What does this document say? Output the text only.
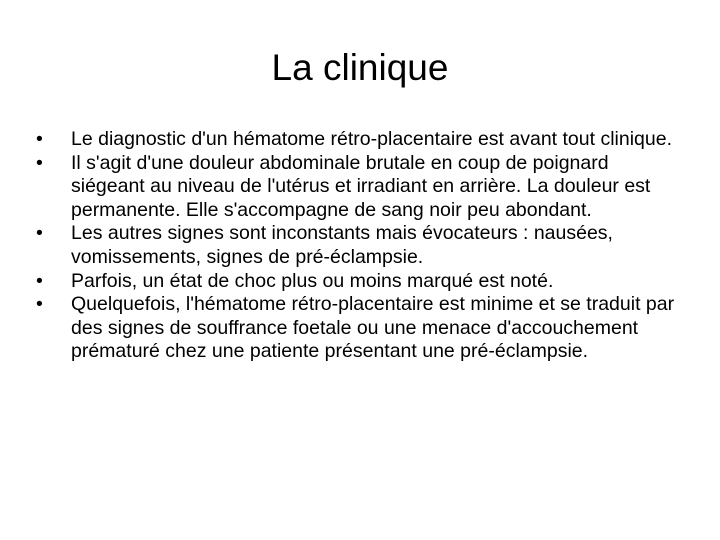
La clinique
•	Le diagnostic d'un hématome rétro-placentaire est avant tout clinique.
•	Il s'agit d'une douleur abdominale brutale en coup de poignard siégeant au niveau de l'utérus et irradiant en arrière. La douleur est permanente. Elle s'accompagne de sang noir peu abondant.
•	Les autres signes sont inconstants mais évocateurs : nausées, vomissements, signes de pré-éclampsie.
•	Parfois, un état de choc plus ou moins marqué est noté.
•	Quelquefois, l'hématome rétro-placentaire est minime et se traduit par des signes de souffrance foetale ou une menace d'accouchement prématuré chez une patiente présentant une pré-éclampsie.
